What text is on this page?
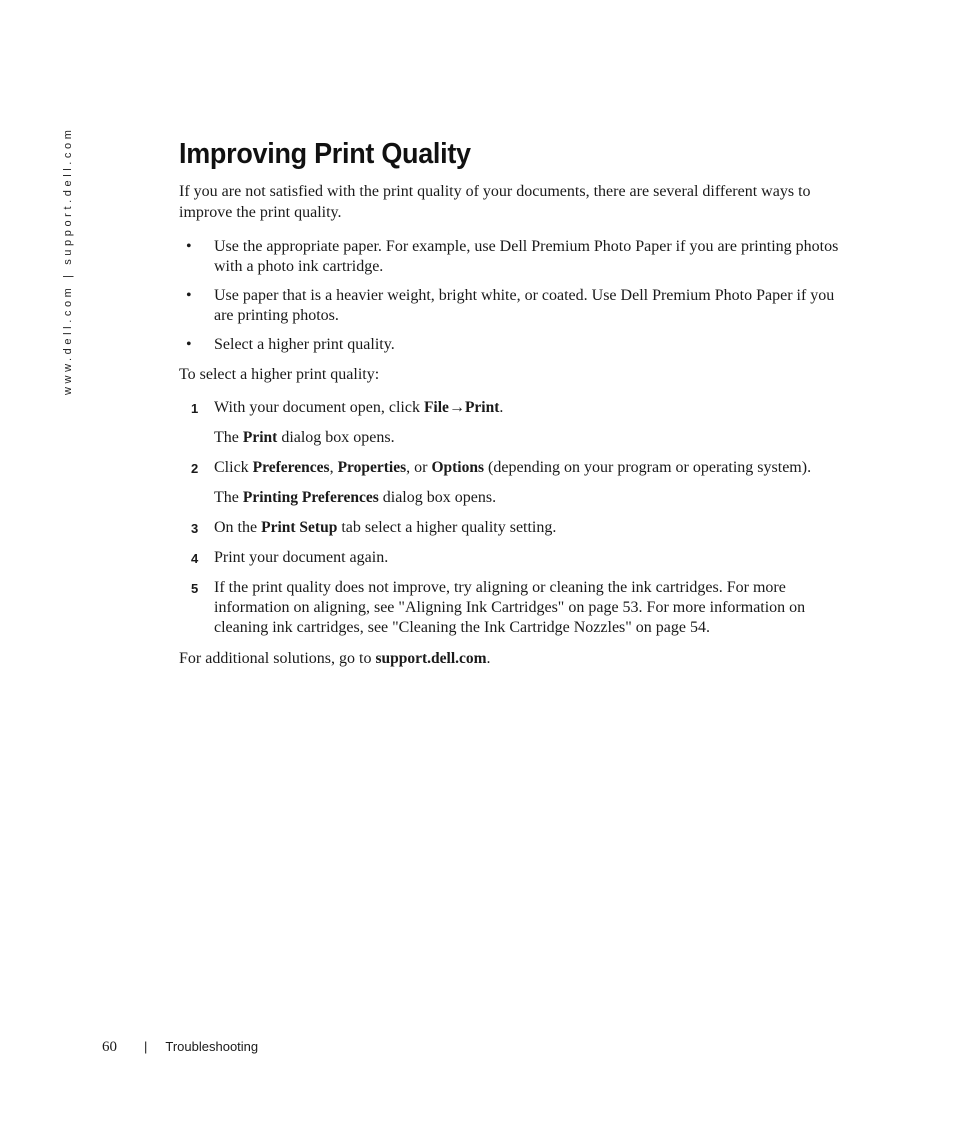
www.dell.com | support.dell.com	Improving Print Quality

If you are not satisfied with the print quality of your documents, there are several different ways to improve the print quality.

• Use the appropriate paper. For example, use Dell Premium Photo Paper if you are printing photos with a photo ink cartridge.
• Use paper that is a heavier weight, bright white, or coated. Use Dell Premium Photo Paper if you are printing photos.
• Select a higher print quality.

To select a higher print quality:

1 With your document open, click File→Print.
The Print dialog box opens.
2 Click Preferences, Properties, or Options (depending on your program or operating system).
The Printing Preferences dialog box opens.
3 On the Print Setup tab select a higher quality setting.
4 Print your document again.
5 If the print quality does not improve, try aligning or cleaning the ink cartridges. For more information on aligning, see "Aligning Ink Cartridges" on page 53. For more information on cleaning ink cartridges, see "Cleaning the Ink Cartridge Nozzles" on page 54.

For additional solutions, go to support.dell.com.

60 | Troubleshooting
